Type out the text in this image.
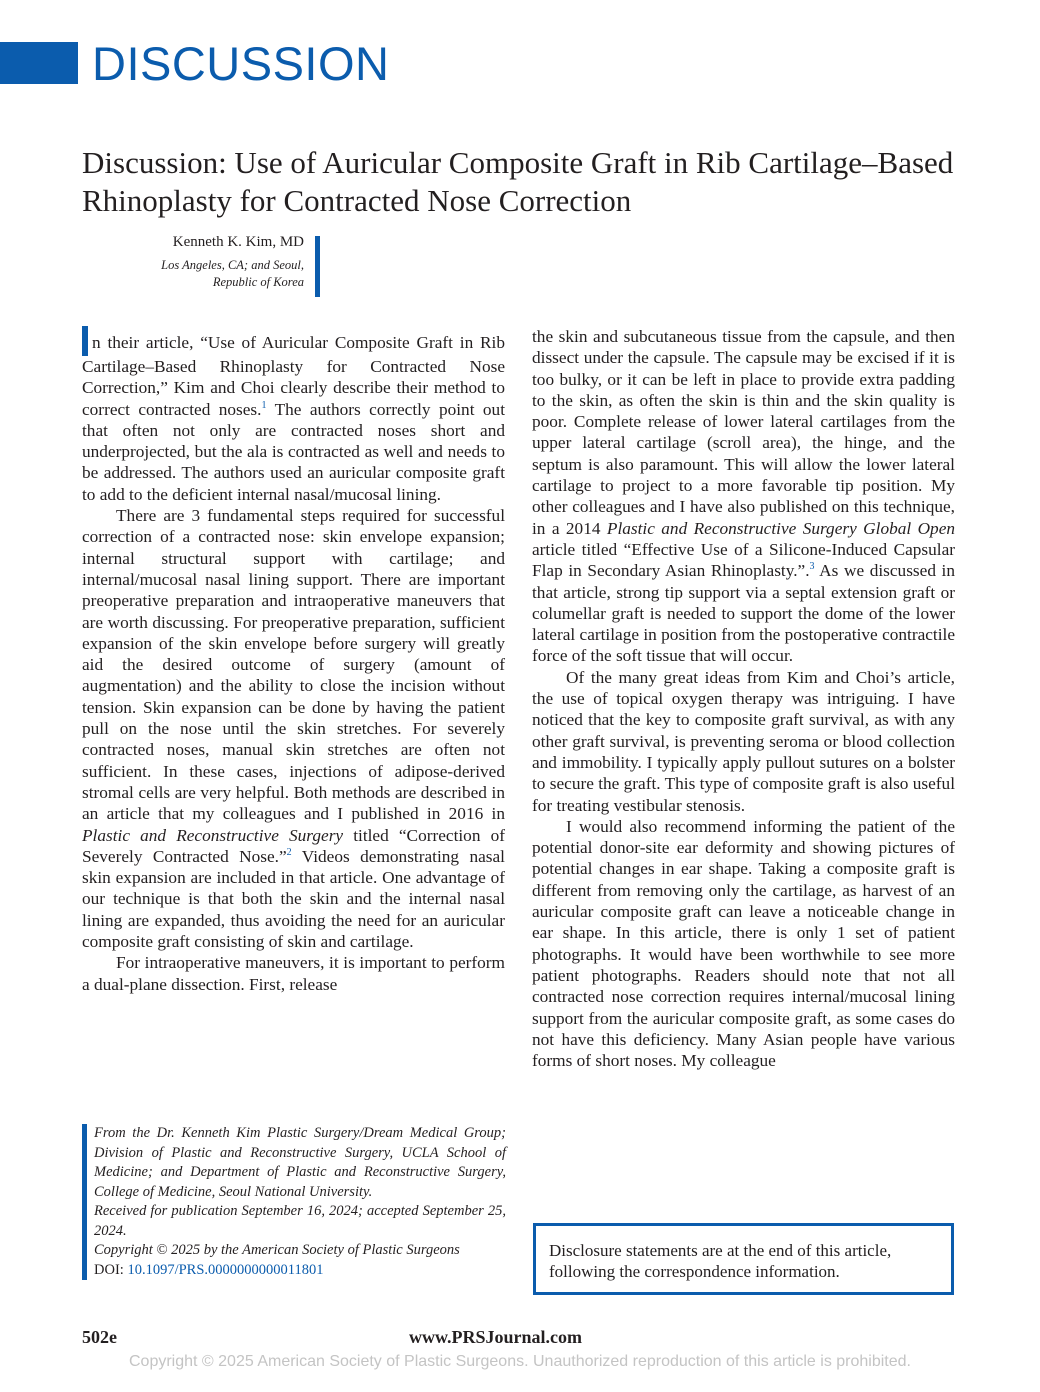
DISCUSSION
Discussion: Use of Auricular Composite Graft in Rib Cartilage–Based Rhinoplasty for Contracted Nose Correction
Kenneth K. Kim, MD
Los Angeles, CA; and Seoul,
Republic of Korea

n their article, “Use of Auricular Composite Graft in Rib Cartilage–Based Rhinoplasty for Contracted Nose Correction,” Kim and Choi clearly describe their method to correct contracted noses.$^1$ The authors correctly point out that often not only are contracted noses short and underprojected, but the ala is contracted as well and needs to be addressed. The authors used an auricular composite graft to add to the deficient internal nasal/mucosal lining.

There are 3 fundamental steps required for successful correction of a contracted nose: skin envelope expansion; internal structural support with cartilage; and internal/mucosal nasal lining support. There are important preoperative preparation and intraoperative maneuvers that are worth discussing. For preoperative preparation, sufficient expansion of the skin envelope before surgery will greatly aid the desired outcome of surgery (amount of augmentation) and the ability to close the incision without tension. Skin expansion can be done by having the patient pull on the nose until the skin stretches. For severely contracted noses, manual skin stretches are often not sufficient. In these cases, injections of adipose-derived stromal cells are very helpful. Both methods are described in an article that my colleagues and I published in 2016 in Plastic and Reconstructive Surgery titled “Correction of Severely Contracted Nose.”$^2$ Videos demonstrating nasal skin expansion are included in that article. One advantage of our technique is that both the skin and the internal nasal lining are expanded, thus avoiding the need for an auricular composite graft consisting of skin and cartilage.

For intraoperative maneuvers, it is important to perform a dual-plane dissection. First, release

the skin and subcutaneous tissue from the capsule, and then dissect under the capsule. The capsule may be excised if it is too bulky, or it can be left in place to provide extra padding to the skin, as often the skin is thin and the skin quality is poor. Complete release of lower lateral cartilages from the upper lateral cartilage (scroll area), the hinge, and the septum is also paramount. This will allow the lower lateral cartilage to project to a more favorable tip position. My other colleagues and I have also published on this technique, in a 2014 Plastic and Reconstructive Surgery Global Open article titled “Effective Use of a Silicone-Induced Capsular Flap in Secondary Asian Rhinoplasty.”.$^3$ As we discussed in that article, strong tip support via a septal extension graft or columellar graft is needed to support the dome of the lower lateral cartilage in position from the postoperative contractile force of the soft tissue that will occur.

Of the many great ideas from Kim and Choi’s article, the use of topical oxygen therapy was intriguing. I have noticed that the key to composite graft survival, as with any other graft survival, is preventing seroma or blood collection and immobility. I typically apply pullout sutures on a bolster to secure the graft. This type of composite graft is also useful for treating vestibular stenosis.

I would also recommend informing the patient of the potential donor-site ear deformity and showing pictures of potential changes in ear shape. Taking a composite graft is different from removing only the cartilage, as harvest of an auricular composite graft can leave a noticeable change in ear shape. In this article, there is only 1 set of patient photographs. It would have been worthwhile to see more patient photographs. Readers should note that not all contracted nose correction requires internal/mucosal lining support from the auricular composite graft, as some cases do not have this deficiency. Many Asian people have various forms of short noses. My colleague

From the Dr. Kenneth Kim Plastic Surgery/Dream Medical Group; Division of Plastic and Reconstructive Surgery, UCLA School of Medicine; and Department of Plastic and Reconstructive Surgery, College of Medicine, Seoul National University.

Received for publication September 16, 2024; accepted September 25, 2024.

Copyright © 2025 by the American Society of Plastic Surgeons

DOI: 10.1097/PRS.0000000000011801

Disclosure statements are at the end of this article, following the correspondence information.
502e	www.PRSJournal.com
Copyright © 2025 American Society of Plastic Surgeons. Unauthorized reproduction of this article is prohibited.
